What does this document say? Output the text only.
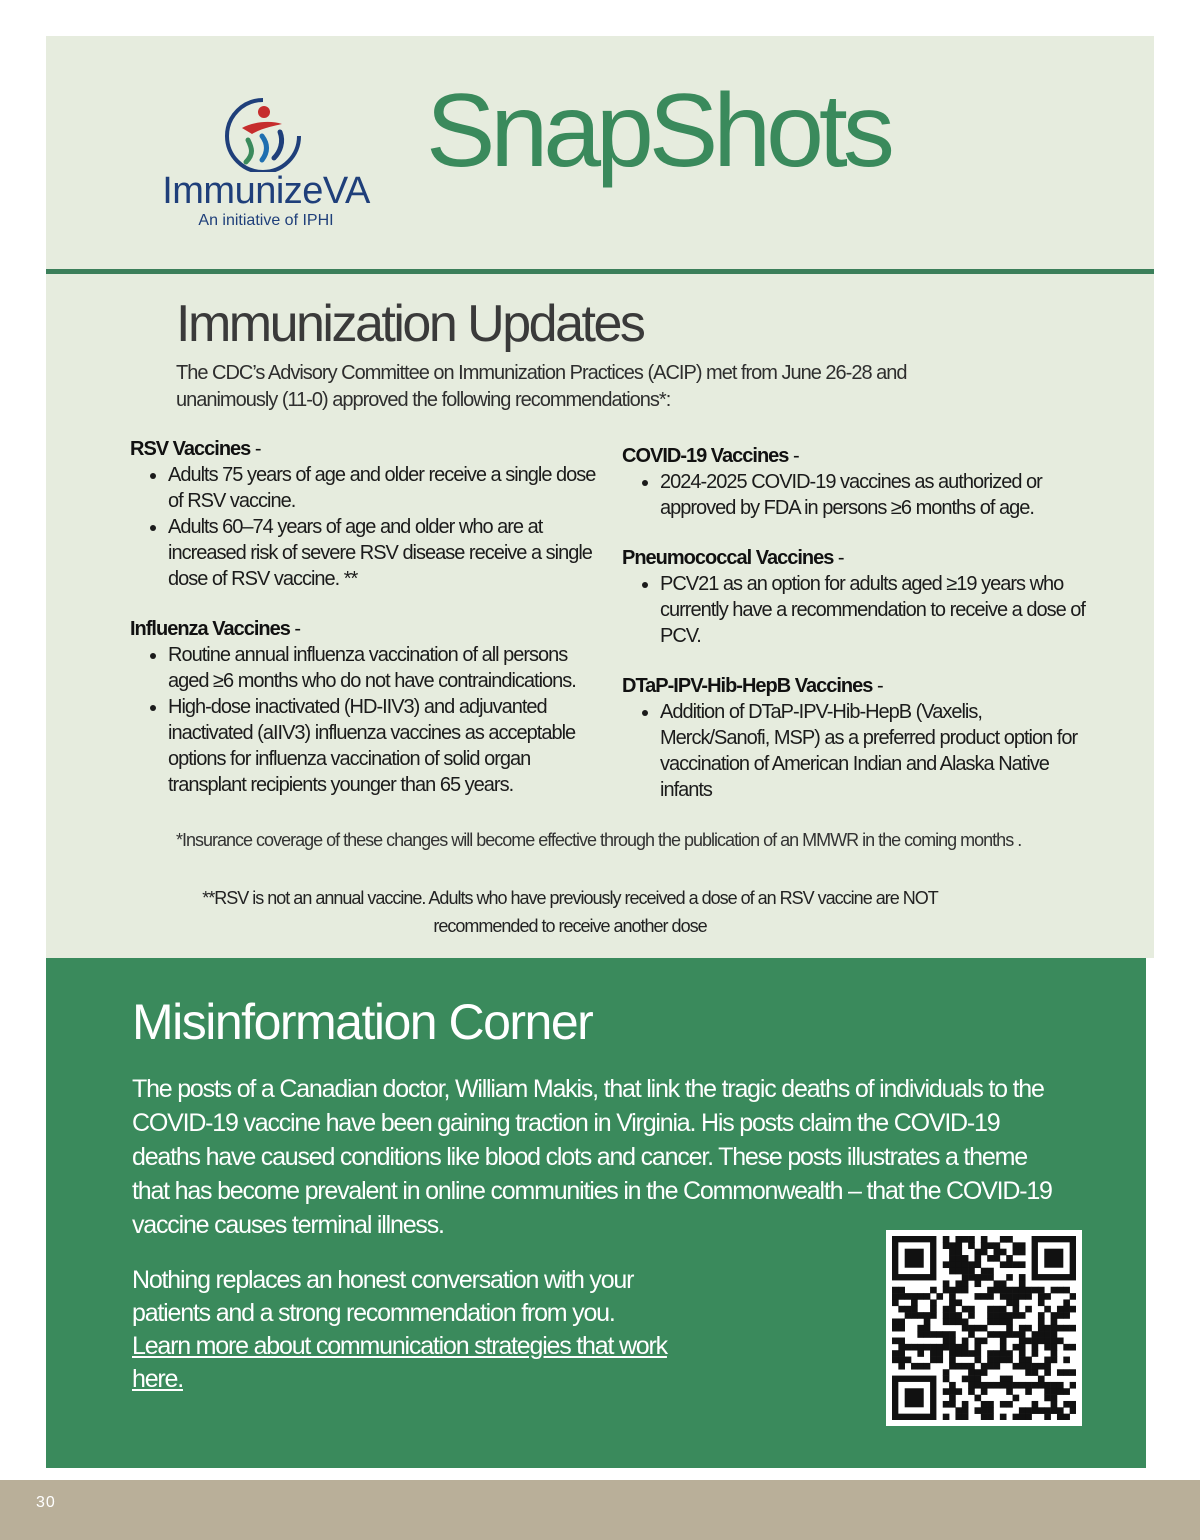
ImmunizeVA
An initiative of IPHI
SnapShots
Immunization Updates
The CDC’s Advisory Committee on Immunization Practices (ACIP) met from June 26-28 and unanimously (11-0) approved the following recommendations*:
RSV Vaccines -
• Adults 75 years of age and older receive a single dose of RSV vaccine.
• Adults 60–74 years of age and older who are at increased risk of severe RSV disease receive a single dose of RSV vaccine. **
Influenza Vaccines -
• Routine annual influenza vaccination of all persons aged ≥6 months who do not have contraindications.
• High-dose inactivated (HD-IIV3) and adjuvanted inactivated (aIIV3) influenza vaccines as acceptable options for influenza vaccination of solid organ transplant recipients younger than 65 years.
COVID-19 Vaccines -
• 2024-2025 COVID-19 vaccines as authorized or approved by FDA in persons ≥6 months of age.
Pneumococcal Vaccines -
• PCV21 as an option for adults aged ≥19 years who currently have a recommendation to receive a dose of PCV.
DTaP-IPV-Hib-HepB Vaccines -
• Addition of DTaP-IPV-Hib-HepB (Vaxelis, Merck/Sanofi, MSP) as a preferred product option for vaccination of American Indian and Alaska Native infants
*Insurance coverage of these changes will become effective through the publication of an MMWR in the coming months .
**RSV is not an annual vaccine. Adults who have previously received a dose of an RSV vaccine are NOT recommended to receive another dose
Misinformation Corner
The posts of a Canadian doctor, William Makis, that link the tragic deaths of individuals to the COVID-19 vaccine have been gaining traction in Virginia. His posts claim the COVID-19 deaths have caused conditions like blood clots and cancer. These posts illustrates a theme that has become prevalent in online communities in the Commonwealth – that the COVID-19 vaccine causes terminal illness.
Nothing replaces an honest conversation with your patients and a strong recommendation from you.
Learn more about communication strategies that work here.
30
